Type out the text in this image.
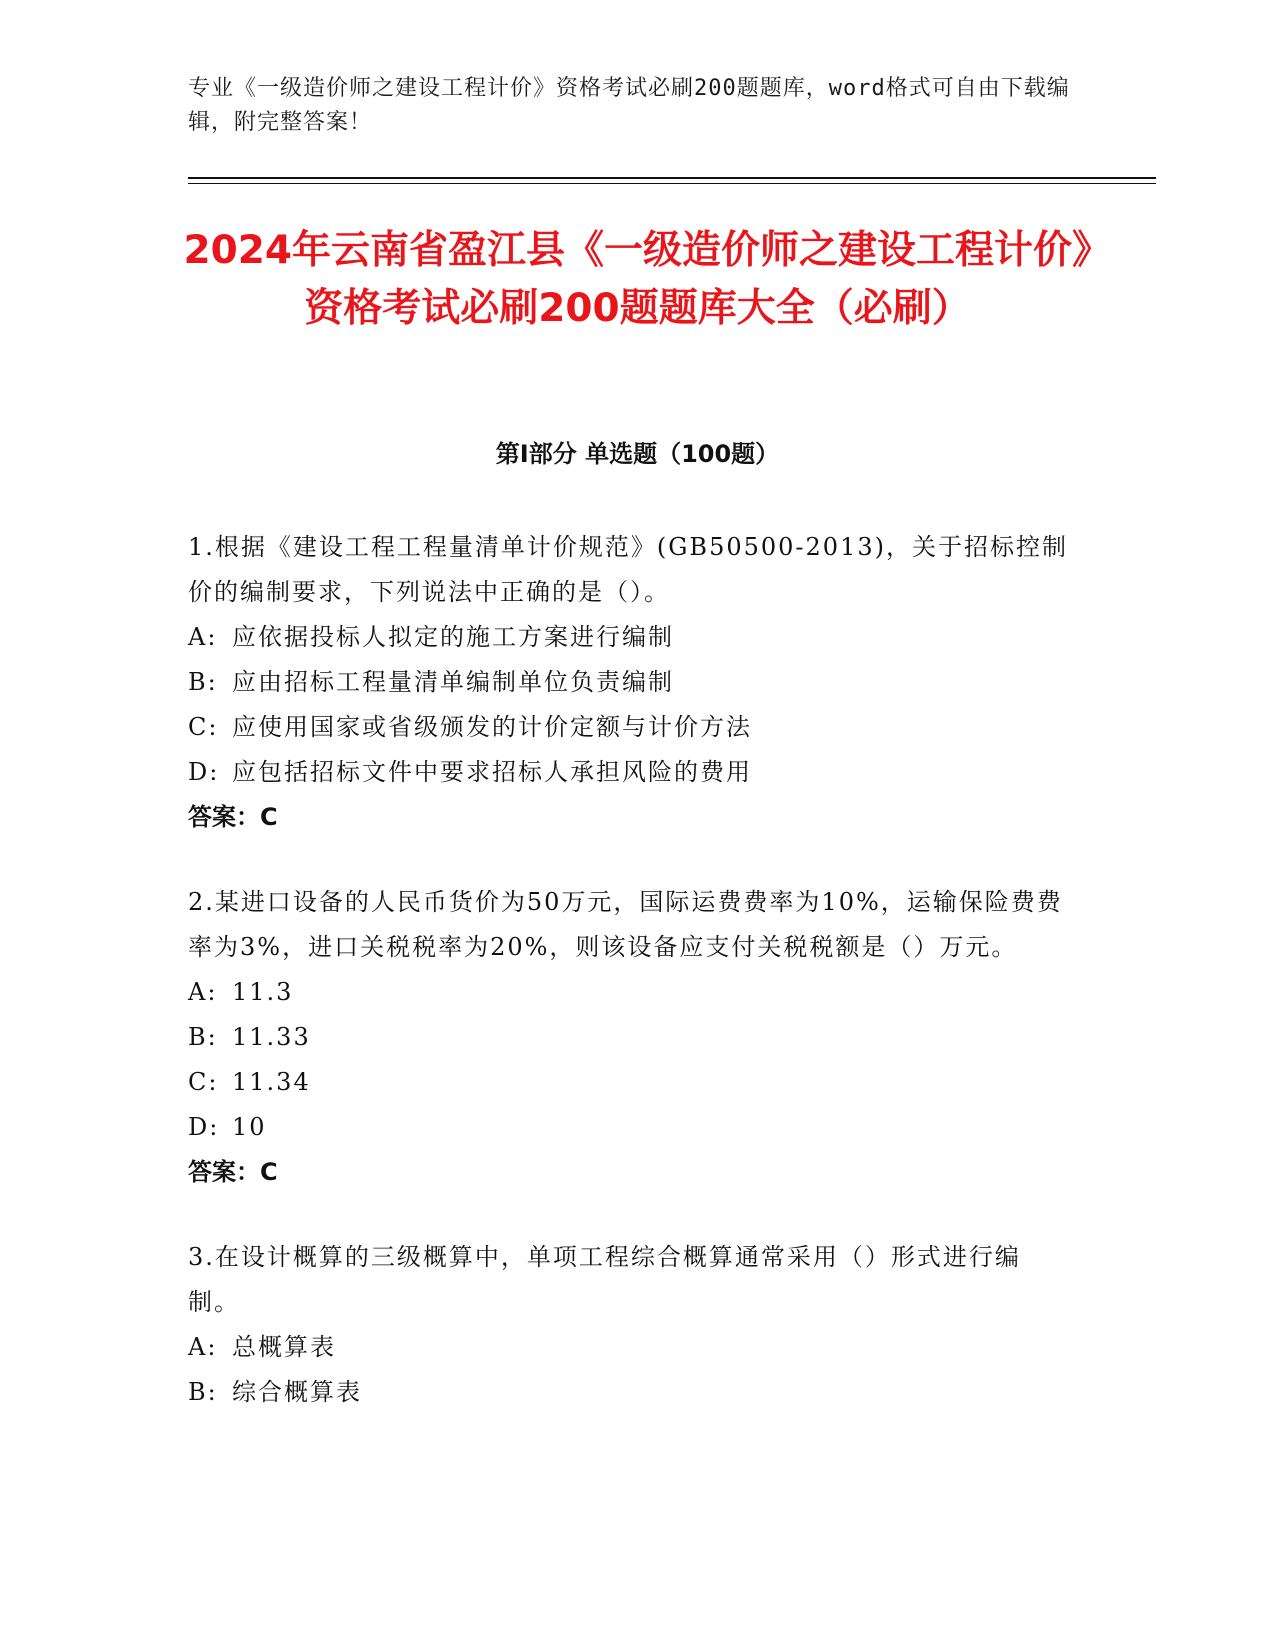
专业《一级造价师之建设工程计价》资格考试必刷200题题库，word格式可自由下载编辑，附完整答案！
2024年云南省盈江县《一级造价师之建设工程计价》资格考试必刷200题题库大全（必刷）
第I部分 单选题（100题）

1.根据《建设工程工程量清单计价规范》(GB50500-2013)，关于招标控制价的编制要求，下列说法中正确的是（）。

A: 应依据投标人拟定的施工方案进行编制

B: 应由招标工程量清单编制单位负责编制

C: 应使用国家或省级颁发的计价定额与计价方法

D: 应包括招标文件中要求招标人承担风险的费用

答案：C

2.某进口设备的人民币货价为50万元，国际运费费率为10%，运输保险费费率为3%，进口关税税率为20%，则该设备应支付关税税额是（）万元。

A: 11.3

B: 11.33

C: 11.34

D: 10

答案：C

3.在设计概算的三级概算中，单项工程综合概算通常采用（）形式进行编制。

A: 总概算表

B: 综合概算表
